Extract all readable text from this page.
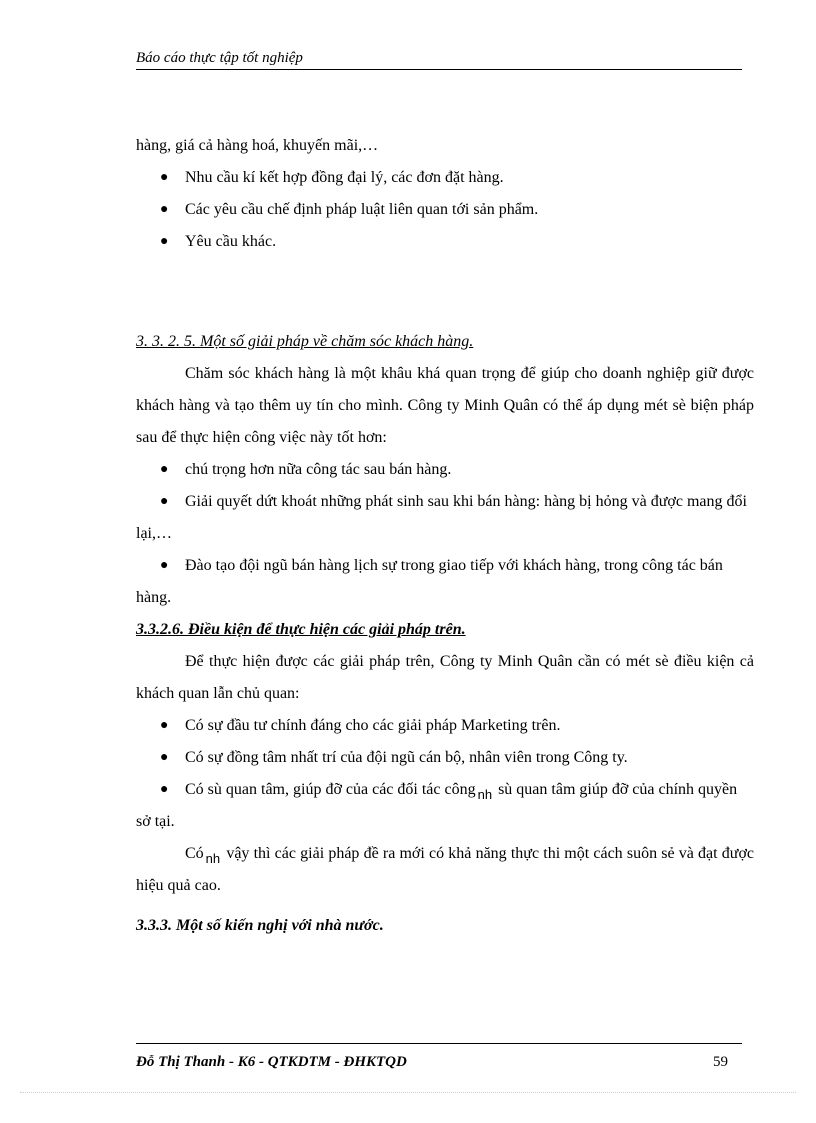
Báo cáo thực tập tốt nghiệp

hàng, giá cả hàng hoá, khuyến mãi,…

● Nhu cầu kí kết hợp đồng đại lý, các đơn đặt hàng.

● Các yêu cầu chế định pháp luật liên quan tới sản phẩm.

● Yêu cầu khác.

3. 3. 2. 5. Một số giải pháp về chăm sóc khách hàng.

Chăm sóc khách hàng là một khâu khá quan trọng để giúp cho doanh nghiệp giữ được khách hàng và tạo thêm uy tín cho mình. Công ty Minh Quân có thể áp dụng mét sè biện pháp sau để thực hiện công việc này tốt hơn:

● chú trọng hơn nữa công tác sau bán hàng.

● Giải quyết dứt khoát những phát sinh sau khi bán hàng: hàng bị hỏng và được mang đổi lại,…

● Đào tạo đội ngũ bán hàng lịch sự trong giao tiếp với khách hàng, trong công tác bán hàng.

3.3.2.6. Điều kiện để thực hiện các giải pháp trên.

Để thực hiện được các giải pháp trên, Công ty Minh Quân cần có mét sè điều kiện cả khách quan lẫn chủ quan:

● Có sự đầu tư chính đáng cho các giải pháp Marketing trên.

● Có sự đồng tâm nhất trí của đội ngũ cán bộ, nhân viên trong Công ty.

● Có sù quan tâm, giúp đỡ của các đối tác công $_{nh}$ sù quan tâm giúp đỡ của chính quyền sở tại.

Có $_{nh}$ vậy thì các giải pháp đề ra mới có khả năng thực thi một cách suôn sẻ và đạt được hiệu quả cao.

3.3.3. Một số kiến nghị với nhà nước.

Đỗ Thị Thanh - K6 - QTKDTM - ĐHKTQD	59
